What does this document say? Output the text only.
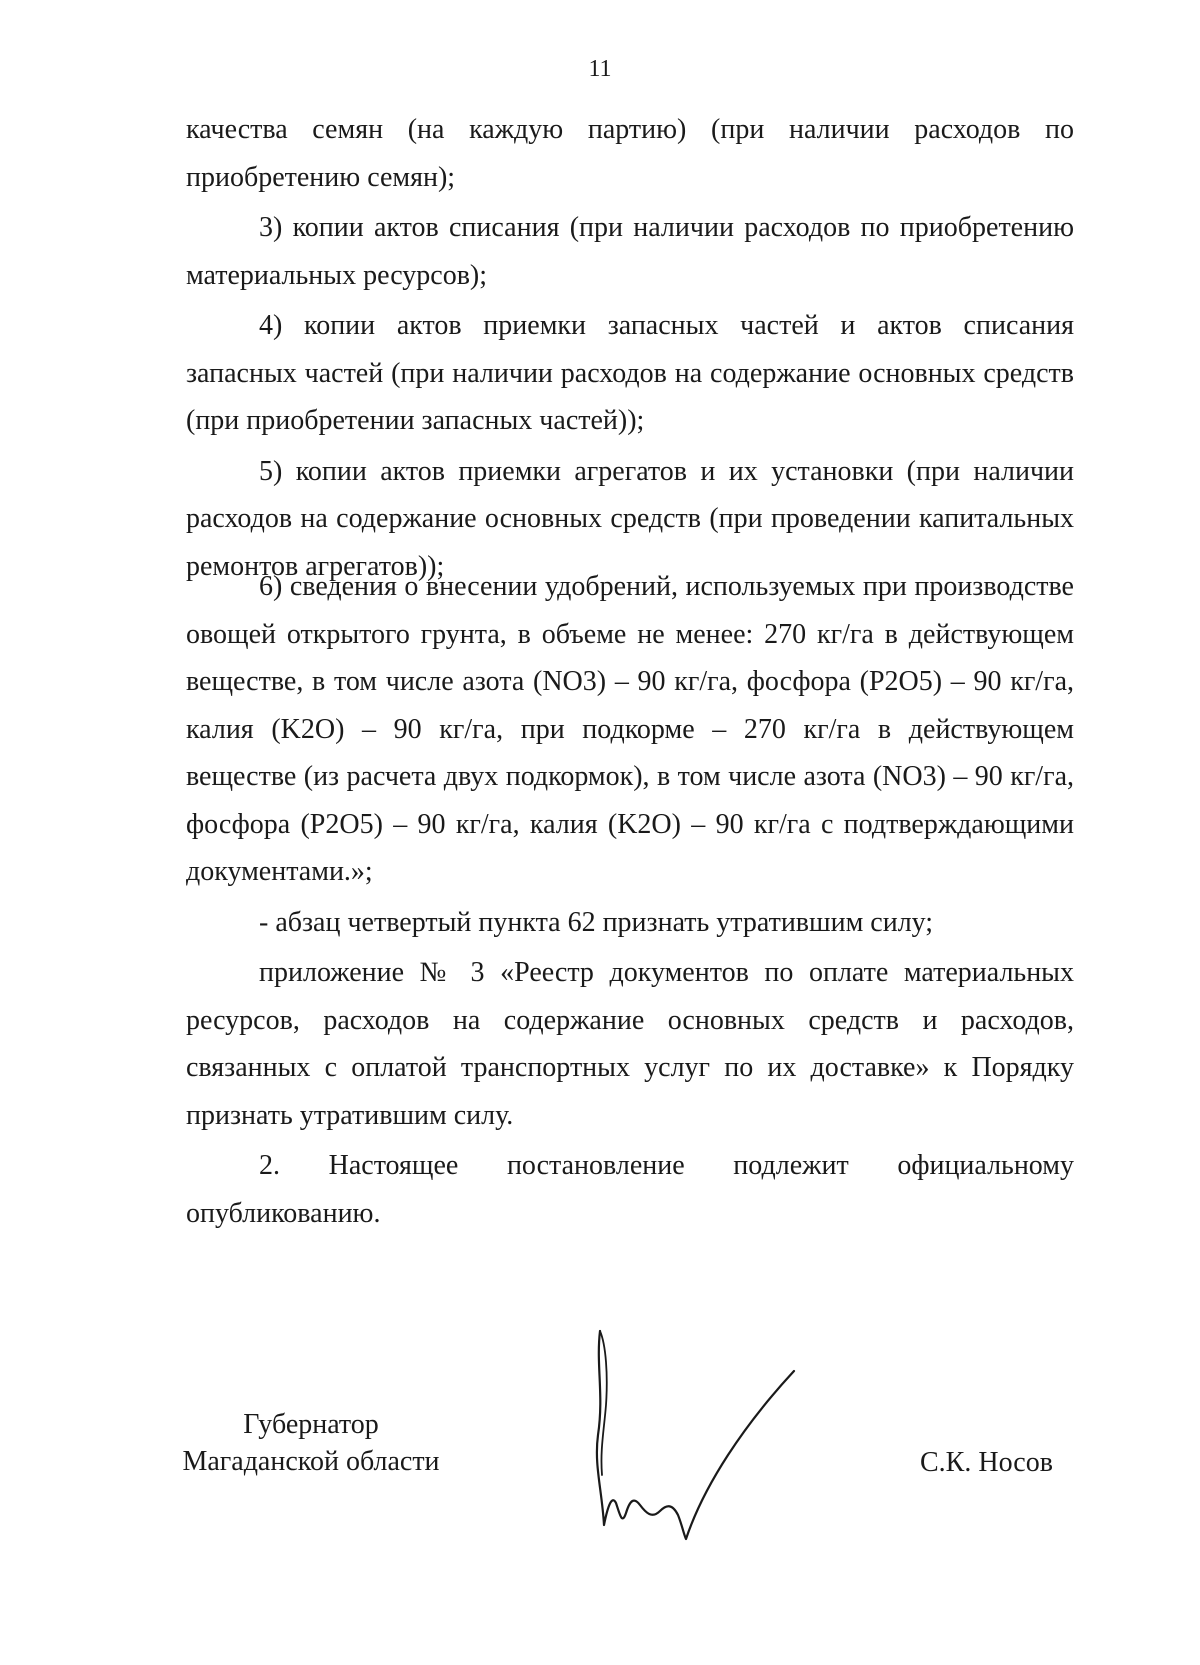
11

качества семян (на каждую партию) (при наличии расходов по приобретению семян);

3) копии актов списания (при наличии расходов по приобретению материальных ресурсов);

4) копии актов приемки запасных частей и актов списания запасных частей (при наличии расходов на содержание основных средств (при приобретении запасных частей));

5) копии актов приемки агрегатов и их установки (при наличии расходов на содержание основных средств (при проведении капитальных ремонтов агрегатов));

6) сведения о внесении удобрений, используемых при производстве овощей открытого грунта, в объеме не менее: 270 кг/га в действующем веществе, в том числе азота (NO3) – 90 кг/га, фосфора (P2O5) – 90 кг/га, калия (K2O) – 90 кг/га, при подкорме – 270 кг/га в действующем веществе (из расчета двух подкормок), в том числе азота (NO3) – 90 кг/га, фосфора (P2O5) – 90 кг/га, калия (K2O) – 90 кг/га с подтверждающими документами.»;

- абзац четвертый пункта 62 признать утратившим силу;

приложение № 3 «Реестр документов по оплате материальных ресурсов, расходов на содержание основных средств и расходов, связанных с оплатой транспортных услуг по их доставке» к Порядку признать утратившим силу.

2. Настоящее постановление подлежит официальному опубликованию.

Губернатор
Магаданской области	С.К. Носов
